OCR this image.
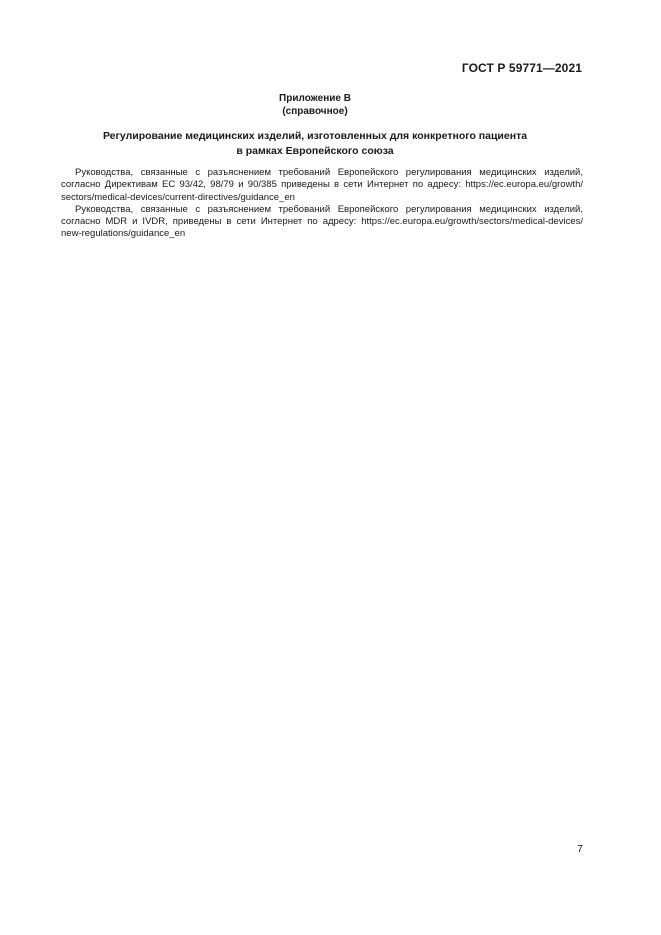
ГОСТ Р 59771—2021
Приложение В
(справочное)
Регулирование медицинских изделий, изготовленных для конкретного пациента
в рамках Европейского союза
Руководства, связанные с разъяснением требований Европейского регулирования медицинских изделий,
согласно Директивам ЕС 93/42, 98/79 и 90/385 приведены в сети Интернет по адресу: https://ec.europa.eu/growth/
sectors/medical-devices/current-directives/guidance_en
Руководства, связанные с разъяснением требований Европейского регулирования медицинских изделий,
согласно MDR и IVDR, приведены в сети Интернет по адресу: https://ec.europa.eu/growth/sectors/medical-devices/
new-regulations/guidance_en
7
